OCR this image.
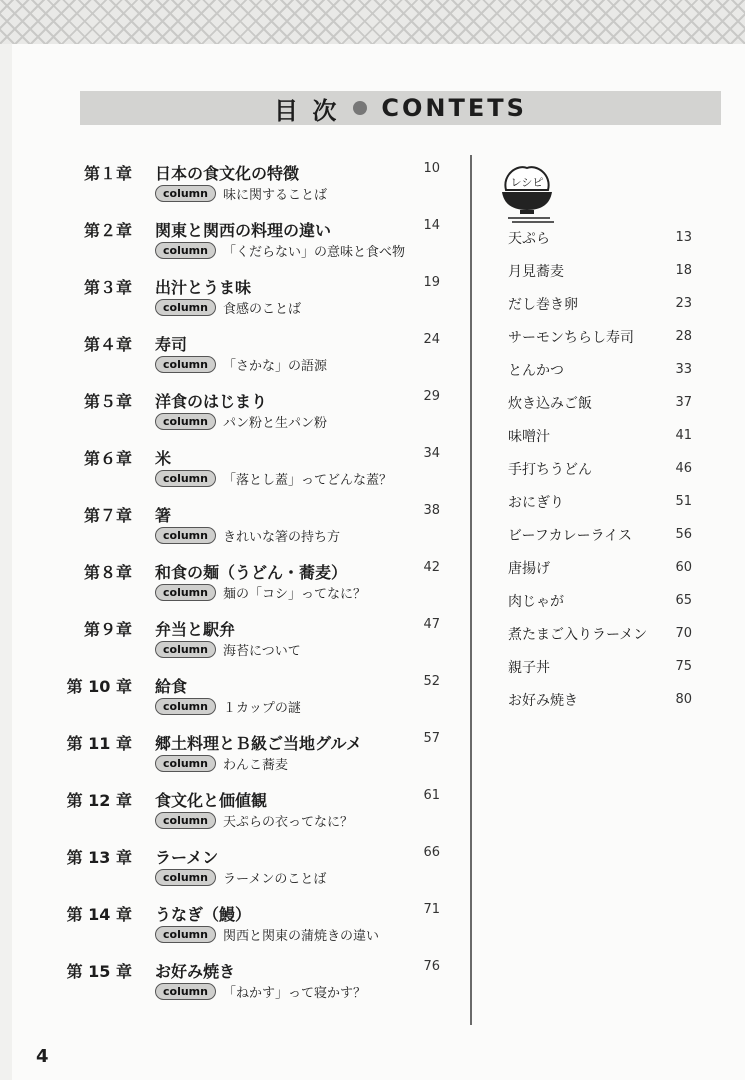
目 次 CONTETS
第１章 日本の食文化の特徴	10
column	味に関することば
第２章 関東と関西の料理の違い	14
column	「くだらない」の意味と食べ物
第３章 出汁とうま味	19
column	食感のことば
第４章 寿司	24
column	「さかな」の語源
第５章 洋食のはじまり	29
column	パン粉と生パン粉
第６章 米	34
column	「落とし蓋」ってどんな蓋？
第７章 箸	38
column	きれいな箸の持ち方
第８章 和食の麺（うどん・蕎麦）	42
column	麺の「コシ」ってなに？
第９章 弁当と駅弁	47
column	海苔について
第 10 章 給食	52
column	１カップの謎
第 11 章 郷土料理とＢ級ご当地グルメ	57
column	わんこ蕎麦
第 12 章 食文化と価値観	61
column	天ぷらの衣ってなに？
第 13 章 ラーメン	66
column	ラーメンのことば
第 14 章 うなぎ（鰻）	71
column	関西と関東の蒲焼きの違い
第 15 章 お好み焼き	76
column	「ねかす」って寝かす？
レシピ
天ぷら	13
月見蕎麦	18
だし巻き卵	23
サーモンちらし寿司	28
とんかつ	33
炊き込みご飯	37
味噌汁	41
手打ちうどん	46
おにぎり	51
ビーフカレーライス	56
唐揚げ	60
肉じゃが	65
煮たまご入りラーメン 70
親子丼	75
お好み焼き	80
4
